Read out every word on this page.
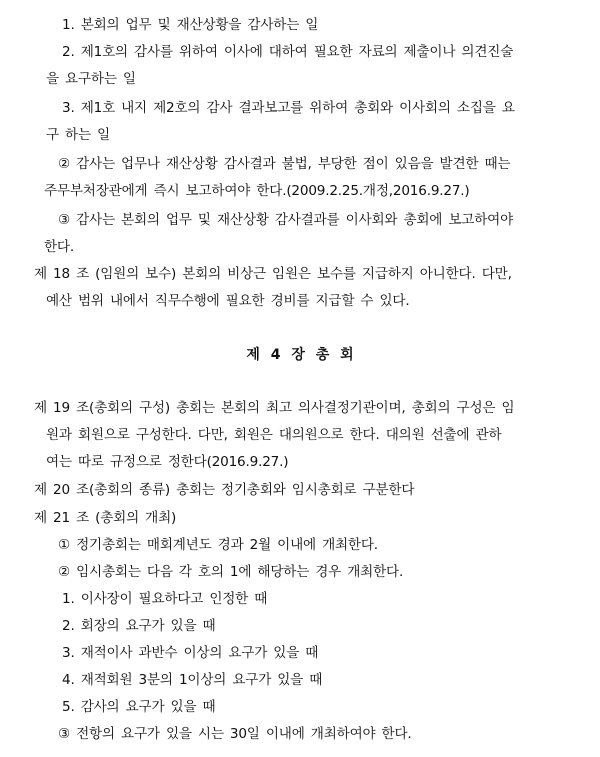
1. 본회의 업무 및 재산상황을 감사하는 일
2. 제1호의 감사를 위하여 이사에 대하여 필요한 자료의 제출이나 의견진술
을 요구하는 일
3. 제1호 내지 제2호의 감사 결과보고를 위하여 총회와 이사회의 소집을 요
구 하는 일
② 감사는 업무나 재산상황 감사결과 불법, 부당한 점이 있음을 발견한 때는
주무부처장관에게 즉시 보고하여야 한다.(2009.2.25.개정,2016.9.27.)
③ 감사는 본회의 업무 및 재산상황 감사결과를 이사회와 총회에 보고하여야
한다.
제 18 조 (임원의 보수) 본회의 비상근 임원은 보수를 지급하지 아니한다. 다만,
예산 범위 내에서 직무수행에 필요한 경비를 지급할 수 있다.
제 4 장 총 회
제 19 조(총회의 구성) 총회는 본회의 최고 의사결정기관이며, 총회의 구성은 임
원과 회원으로 구성한다. 다만, 회원은 대의원으로 한다. 대의원 선출에 관하
여는 따로 규정으로 정한다(2016.9.27.)
제 20 조(총회의 종류) 총회는 정기총회와 임시총회로 구분한다
제 21 조 (총회의 개최)
① 정기총회는 매회계년도 경과 2월 이내에 개최한다.
② 임시총회는 다음 각 호의 1에 해당하는 경우 개최한다.
1. 이사장이 필요하다고 인정한 때
2. 회장의 요구가 있을 때
3. 재적이사 과반수 이상의 요구가 있을 때
4. 재적회원 3분의 1이상의 요구가 있을 때
5. 감사의 요구가 있을 때
③ 전항의 요구가 있을 시는 30일 이내에 개최하여야 한다.
